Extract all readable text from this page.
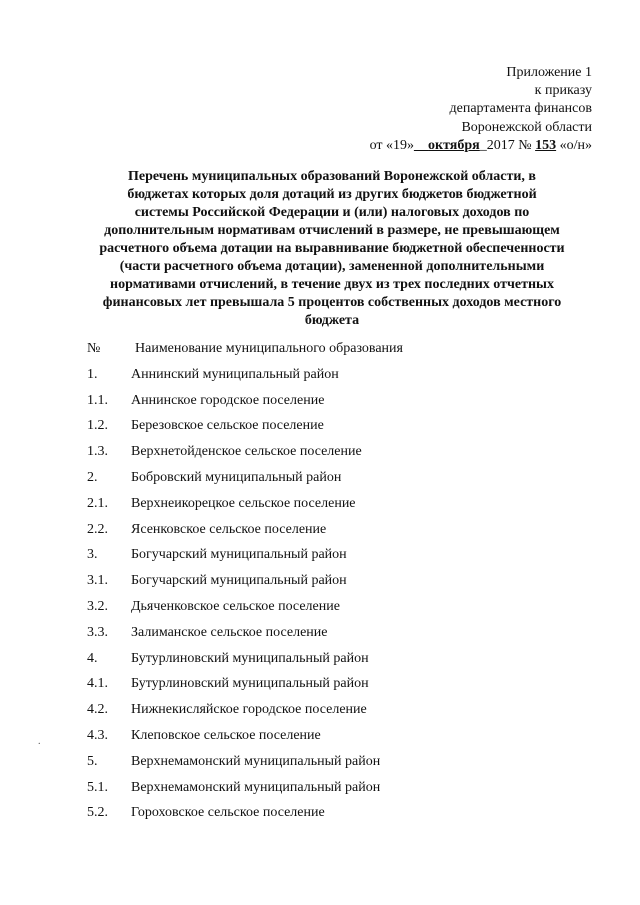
Приложение 1
к приказу
департамента финансов
Воронежской области
от «19»__октября_2017 № 153 «о/н»
Перечень муниципальных образований Воронежской области, в
бюджетах которых доля дотаций из других бюджетов бюджетной
системы Российской Федерации и (или) налоговых доходов по
дополнительным нормативам отчислений в размере, не превышающем
расчетного объема дотации на выравнивание бюджетной обеспеченности
(части расчетного объема дотации), замененной дополнительными
нормативами отчислений, в течение двух из трех последних отчетных
финансовых лет превышала 5 процентов собственных доходов местного
бюджета
№ Наименование муниципального образования
1. Аннинский муниципальный район
1.1. Аннинское городское поселение
1.2. Березовское сельское поселение
1.3. Верхнетойденское сельское поселение
2. Бобровский муниципальный район
2.1. Верхнеикорецкое сельское поселение
2.2. Ясенковское сельское поселение
3. Богучарский муниципальный район
3.1. Богучарский муниципальный район
3.2. Дьяченковское сельское поселение
3.3. Залиманское сельское поселение
4. Бутурлиновский муниципальный район
4.1. Бутурлиновский муниципальный район
4.2. Нижнекисляйское городское поселение
4.3. Клеповское сельское поселение
5. Верхнемамонский муниципальный район
5.1. Верхнемамонский муниципальный район
5.2. Гороховское сельское поселение
.
